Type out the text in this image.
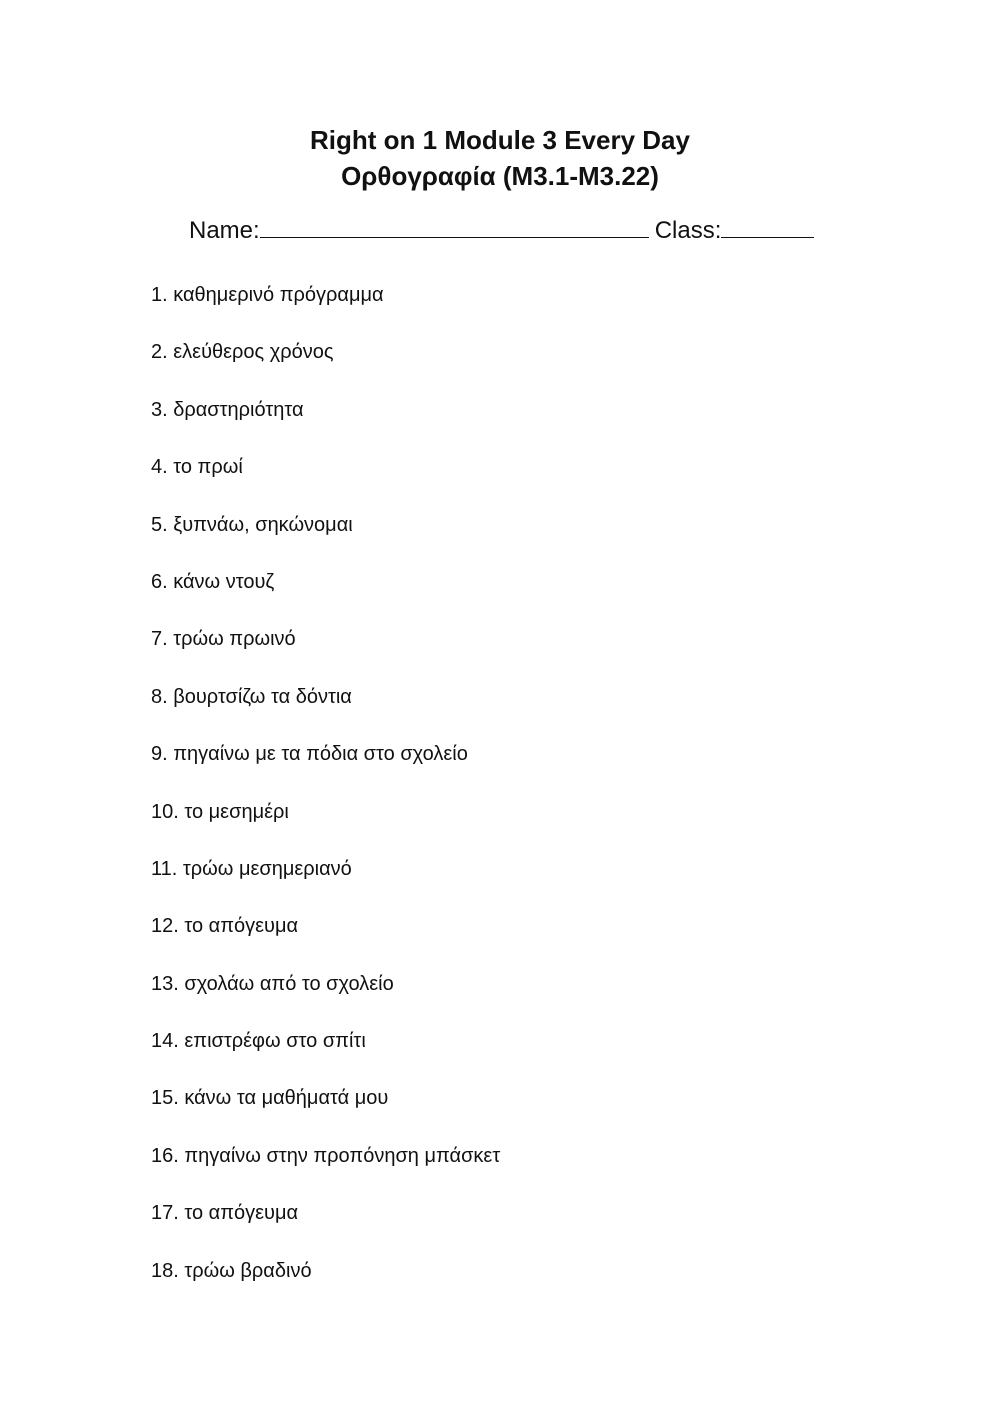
Right on 1 Module 3 Every Day
Ορθογραφία (M3.1-M3.22)
Name:	Class:
1. καθημερινό πρόγραμμα
2. ελεύθερος χρόνος
3. δραστηριότητα
4. το πρωί
5. ξυπνάω, σηκώνομαι
6. κάνω ντουζ
7. τρώω πρωινό
8. βουρτσίζω τα δόντια
9. πηγαίνω με τα πόδια στο σχολείο
10. το μεσημέρι
11. τρώω μεσημεριανό
12. το απόγευμα
13. σχολάω από το σχολείο
14. επιστρέφω στο σπίτι
15. κάνω τα μαθήματά μου
16. πηγαίνω στην προπόνηση μπάσκετ
17. το απόγευμα
18. τρώω βραδινό
